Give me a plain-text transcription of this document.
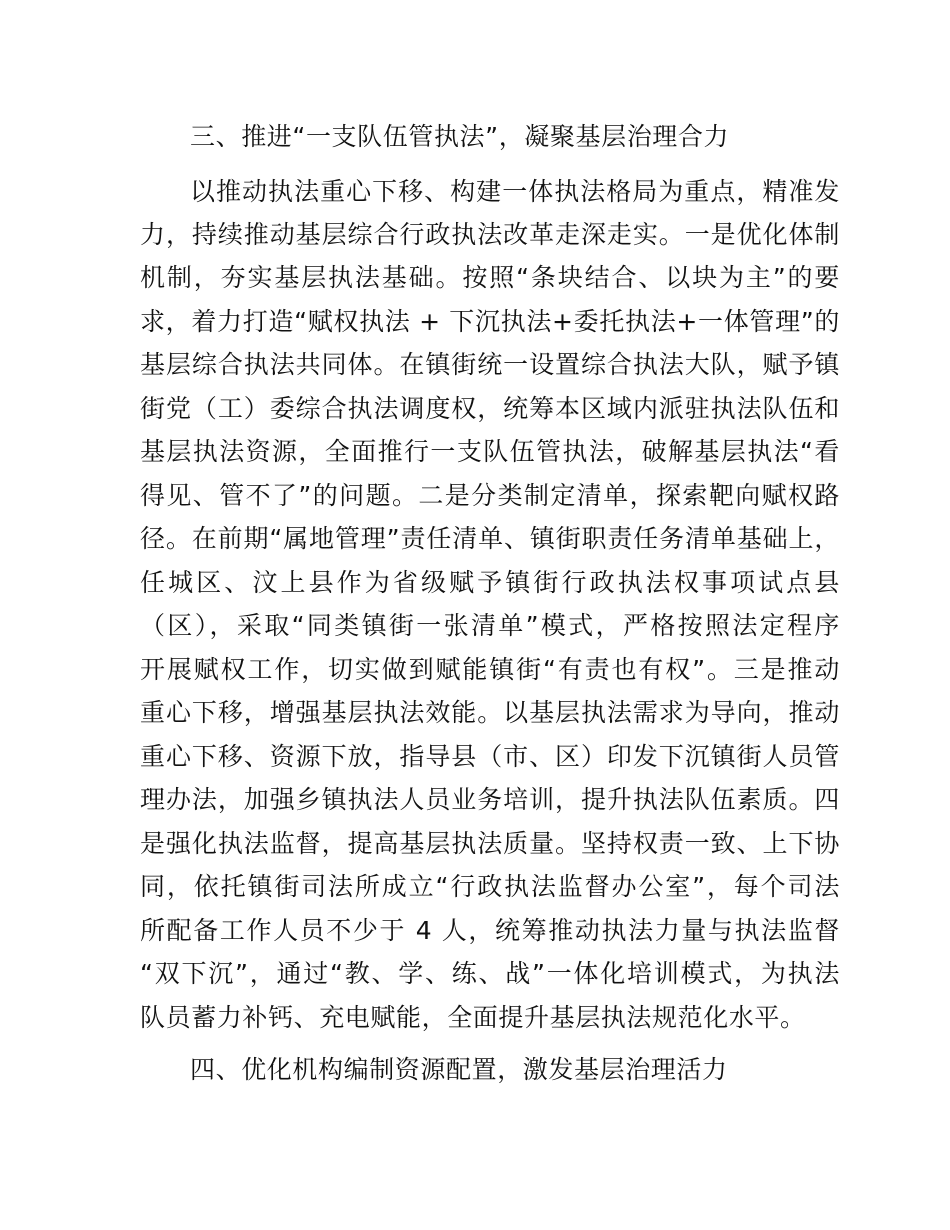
三、推进“一支队伍管执法”，凝聚基层治理合力
以推动执法重心下移、构建一体执法格局为重点，精准发
力，持续推动基层综合行政执法改革走深走实。一是优化体制
机制，夯实基层执法基础。按照“条块结合、以块为主”的要
求，着力打造“赋权执法 + 下沉执法+委托执法+一体管理”的
基层综合执法共同体。在镇街统一设置综合执法大队，赋予镇
街党（工）委综合执法调度权，统筹本区域内派驻执法队伍和
基层执法资源，全面推行一支队伍管执法，破解基层执法“看
得见、管不了”的问题。二是分类制定清单，探索靶向赋权路
径。在前期“属地管理”责任清单、镇街职责任务清单基础上，
任城区、汶上县作为省级赋予镇街行政执法权事项试点县
（区），采取“同类镇街一张清单”模式，严格按照法定程序
开展赋权工作，切实做到赋能镇街“有责也有权”。三是推动
重心下移，增强基层执法效能。以基层执法需求为导向，推动
重心下移、资源下放，指导县（市、区）印发下沉镇街人员管
理办法，加强乡镇执法人员业务培训，提升执法队伍素质。四
是强化执法监督，提高基层执法质量。坚持权责一致、上下协
同，依托镇街司法所成立“行政执法监督办公室”，每个司法
所配备工作人员不少于 4 人，统筹推动执法力量与执法监督
“双下沉”，通过“教、学、练、战”一体化培训模式，为执法
队员蓄力补钙、充电赋能，全面提升基层执法规范化水平。
四、优化机构编制资源配置，激发基层治理活力
